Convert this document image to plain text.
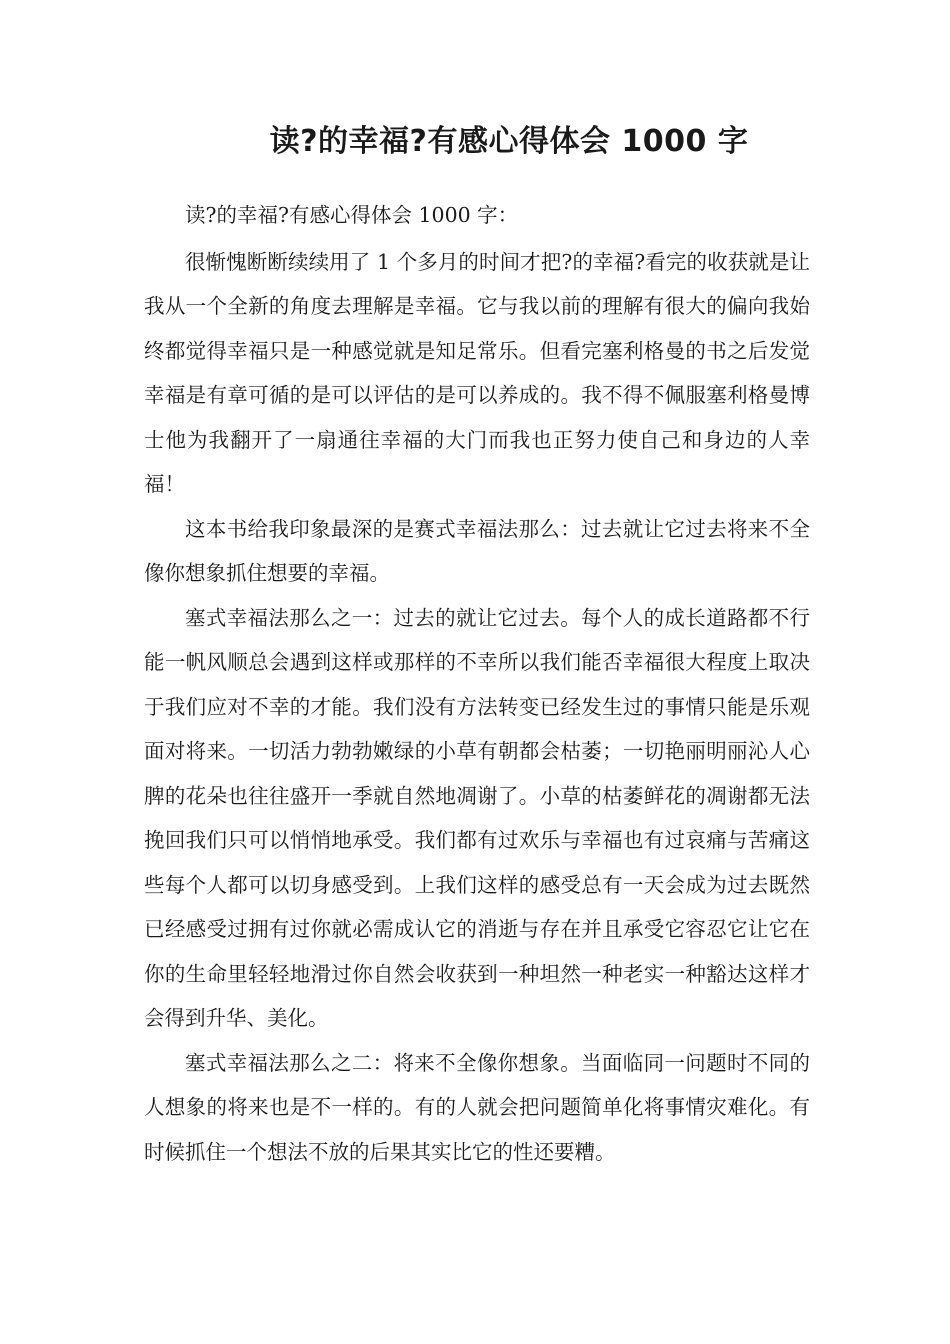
读?的幸福?有感心得体会 1000 字

读?的幸福?有感心得体会 1000 字：

很惭愧断断续续用了 1 个多月的时间才把?的幸福?看完的收获就是让我从一个全新的角度去理解是幸福。它与我以前的理解有很大的偏向我始终都觉得幸福只是一种感觉就是知足常乐。但看完塞利格曼的书之后发觉幸福是有章可循的是可以评估的是可以养成的。我不得不佩服塞利格曼博士他为我翻开了一扇通往幸福的大门而我也正努力使自己和身边的人幸福！

这本书给我印象最深的是赛式幸福法那么：过去就让它过去将来不全像你想象抓住想要的幸福。

塞式幸福法那么之一：过去的就让它过去。每个人的成长道路都不行能一帆风顺总会遇到这样或那样的不幸所以我们能否幸福很大程度上取决于我们应对不幸的才能。我们没有方法转变已经发生过的事情只能是乐观面对将来。一切活力勃勃嫩绿的小草有朝都会枯萎；一切艳丽明丽沁人心脾的花朵也往往盛开一季就自然地凋谢了。小草的枯萎鲜花的凋谢都无法挽回我们只可以悄悄地承受。我们都有过欢乐与幸福也有过哀痛与苦痛这些每个人都可以切身感受到。上我们这样的感受总有一天会成为过去既然已经感受过拥有过你就必需成认它的消逝与存在并且承受它容忍它让它在你的生命里轻轻地滑过你自然会收获到一种坦然一种老实一种豁达这样才会得到升华、美化。

塞式幸福法那么之二：将来不全像你想象。当面临同一问题时不同的人想象的将来也是不一样的。有的人就会把问题简单化将事情灾难化。有时候抓住一个想法不放的后果其实比它的性还要糟。
